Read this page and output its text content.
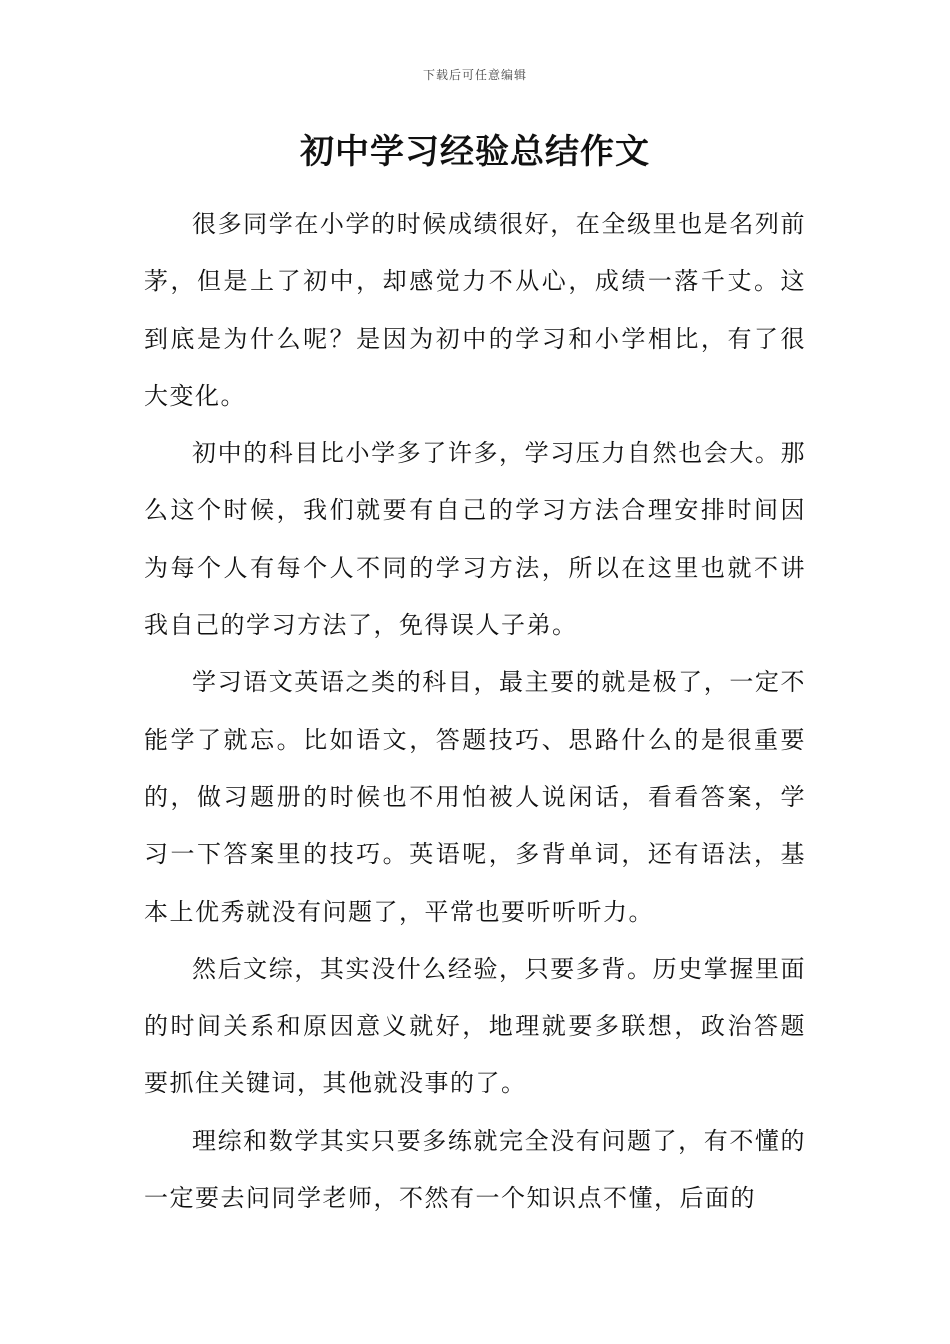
下载后可任意编辑
初中学习经验总结作文

很多同学在小学的时候成绩很好，在全级里也是名列前茅，但是上了初中，却感觉力不从心，成绩一落千丈。这到底是为什么呢？是因为初中的学习和小学相比，有了很大变化。

初中的科目比小学多了许多，学习压力自然也会大。那么这个时候，我们就要有自己的学习方法合理安排时间因为每个人有每个人不同的学习方法，所以在这里也就不讲我自己的学习方法了，免得误人子弟。

学习语文英语之类的科目，最主要的就是极了，一定不能学了就忘。比如语文，答题技巧、思路什么的是很重要的，做习题册的时候也不用怕被人说闲话，看看答案，学习一下答案里的技巧。英语呢，多背单词，还有语法，基本上优秀就没有问题了，平常也要听听听力。

然后文综，其实没什么经验，只要多背。历史掌握里面的时间关系和原因意义就好，地理就要多联想，政治答题要抓住关键词，其他就没事的了。

理综和数学其实只要多练就完全没有问题了，有不懂的一定要去问同学老师，不然有一个知识点不懂，后面的
